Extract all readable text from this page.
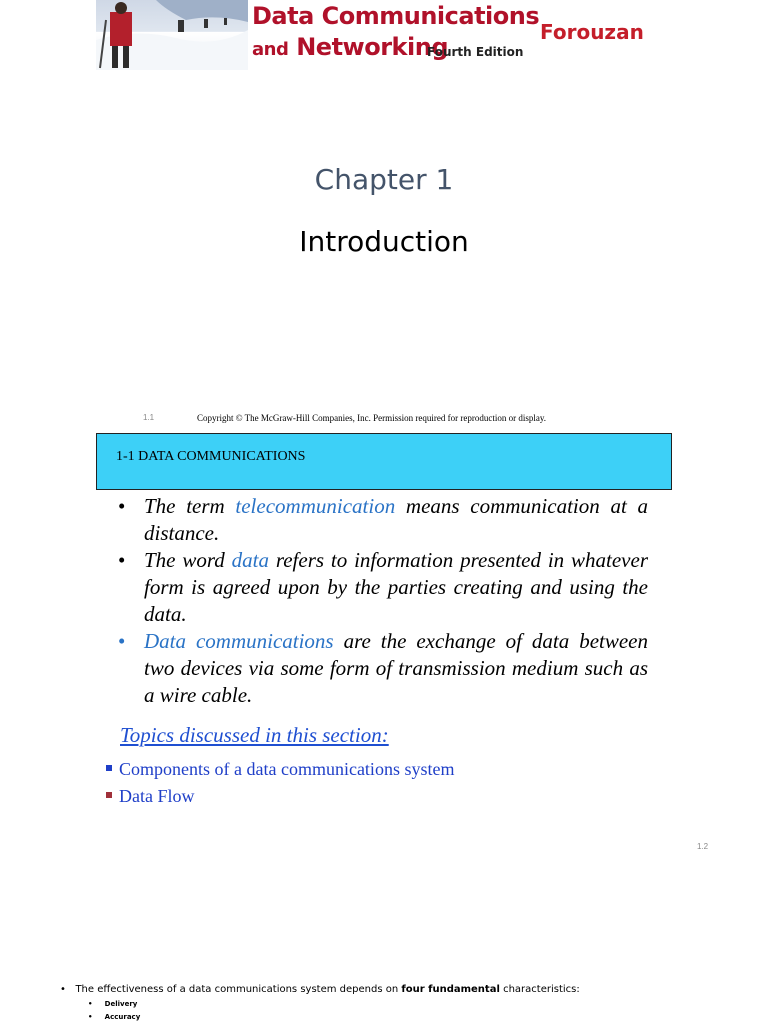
Data Communications
and Networking
Fourth Edition
Forouzan
Chapter 1
Introduction
1.1	Copyright © The McGraw-Hill Companies, Inc. Permission required for reproduction or display.
1-1 DATA COMMUNICATIONS
• The term telecommunication means communication at a distance.
• The word data refers to information presented in whatever form is agreed upon by the parties creating and using the data.
• Data communications are the exchange of data between two devices via some form of transmission medium such as a wire cable.
Topics discussed in this section:
Components of a data communications system
Data Flow
1.2
•   The effectiveness of a data communications system depends on four fundamental characteristics:
•     Delivery
•     Accuracy
